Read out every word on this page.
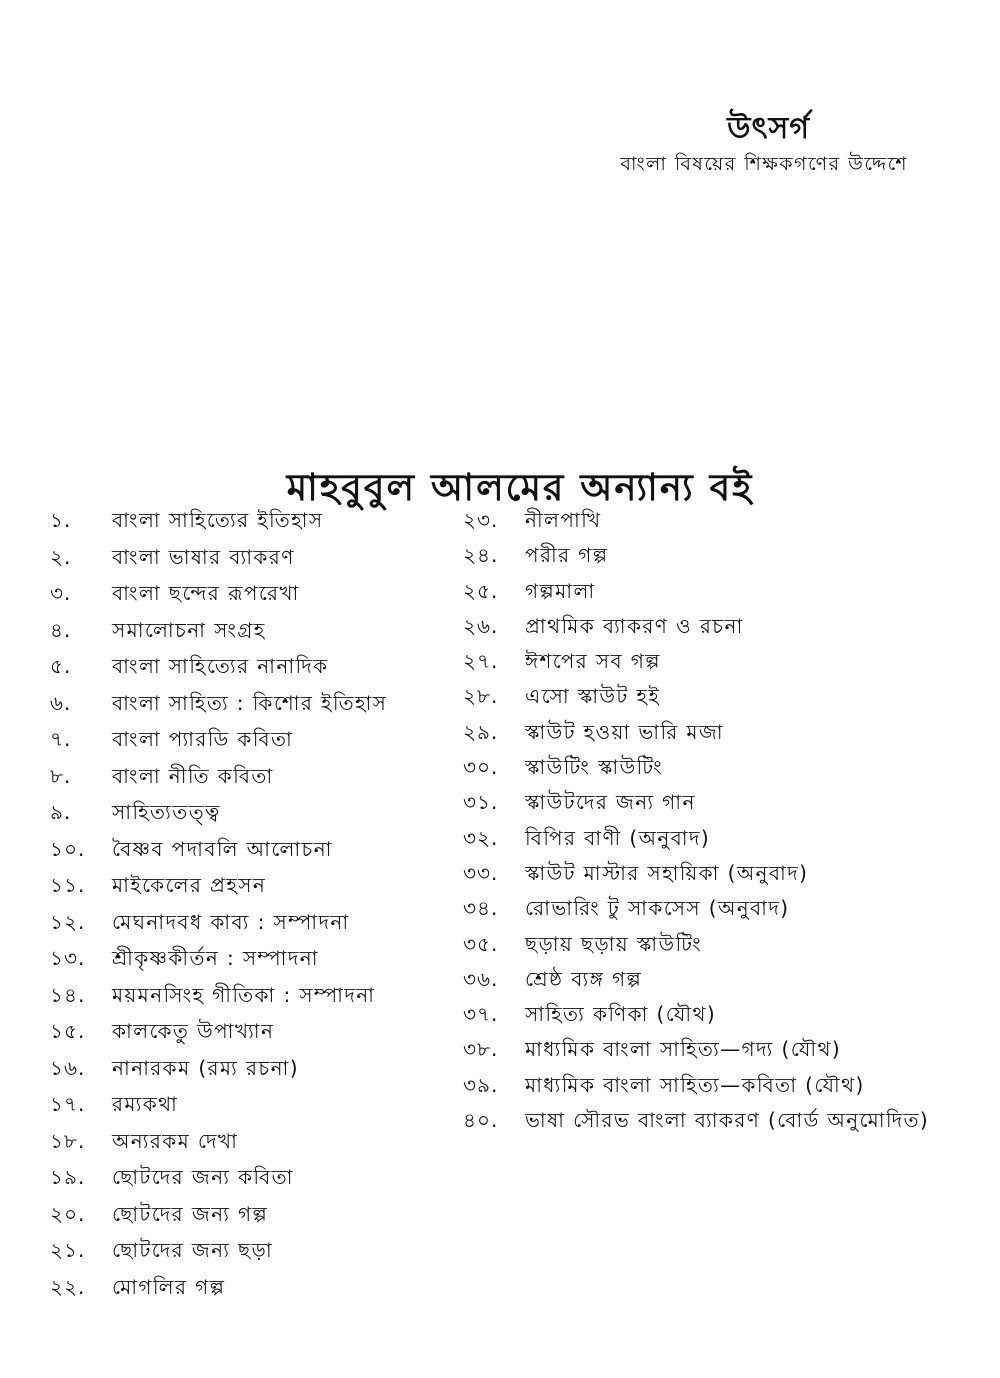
উৎসর্গ

বাংলা বিষয়ের শিক্ষকগণের উদ্দেশে

মাহবুবুল আলমের অন্যান্য বই
১.	বাংলা সাহিত্যের ইতিহাস
২.	বাংলা ভাষার ব্যাকরণ
৩.	বাংলা ছন্দের রূপরেখা
৪.	সমালোচনা সংগ্রহ
৫.	বাংলা সাহিত্যের নানাদিক
৬.	বাংলা সাহিত্য : কিশোর ইতিহাস
৭.	বাংলা প্যারডি কবিতা
৮.	বাংলা নীতি কবিতা
৯.	সাহিত্যতত্ত্ব
১০.	বৈষ্ণব পদাবলি আলোচনা
১১.	মাইকেলের প্রহসন
১২.	মেঘনাদবধ কাব্য : সম্পাদনা
১৩.	শ্রীকৃষ্ণকীর্তন : সম্পাদনা
১৪.	ময়মনসিংহ গীতিকা : সম্পাদনা
১৫.	কালকেতু উপাখ্যান
১৬.	নানারকম (রম্য রচনা)
১৭.	রম্যকথা
১৮.	অন্যরকম দেখা
১৯.	ছোটদের জন্য কবিতা
২০.	ছোটদের জন্য গল্প
২১.	ছোটদের জন্য ছড়া
২২.	মোগলির গল্প
২৩.	নীলপাখি
২৪.	পরীর গল্প
২৫.	গল্পমালা
২৬.	প্রাথমিক ব্যাকরণ ও রচনা
২৭.	ঈশপের সব গল্প
২৮.	এসো স্কাউট হই
২৯.	স্কাউট হওয়া ভারি মজা
৩০.	স্কাউটিং স্কাউটিং
৩১.	স্কাউটদের জন্য গান
৩২.	বিপির বাণী (অনুবাদ)
৩৩.	স্কাউট মাস্টার সহায়িকা (অনুবাদ)
৩৪.	রোভারিং টু সাকসেস (অনুবাদ)
৩৫.	ছড়ায় ছড়ায় স্কাউটিং
৩৬.	শ্রেষ্ঠ ব্যঙ্গ গল্প
৩৭.	সাহিত্য কণিকা (যৌথ)
৩৮.	মাধ্যমিক বাংলা সাহিত্য—গদ্য (যৌথ)
৩৯.	মাধ্যমিক বাংলা সাহিত্য—কবিতা (যৌথ)
৪০.	ভাষা সৌরভ বাংলা ব্যাকরণ (বোর্ড অনুমোদিত)
